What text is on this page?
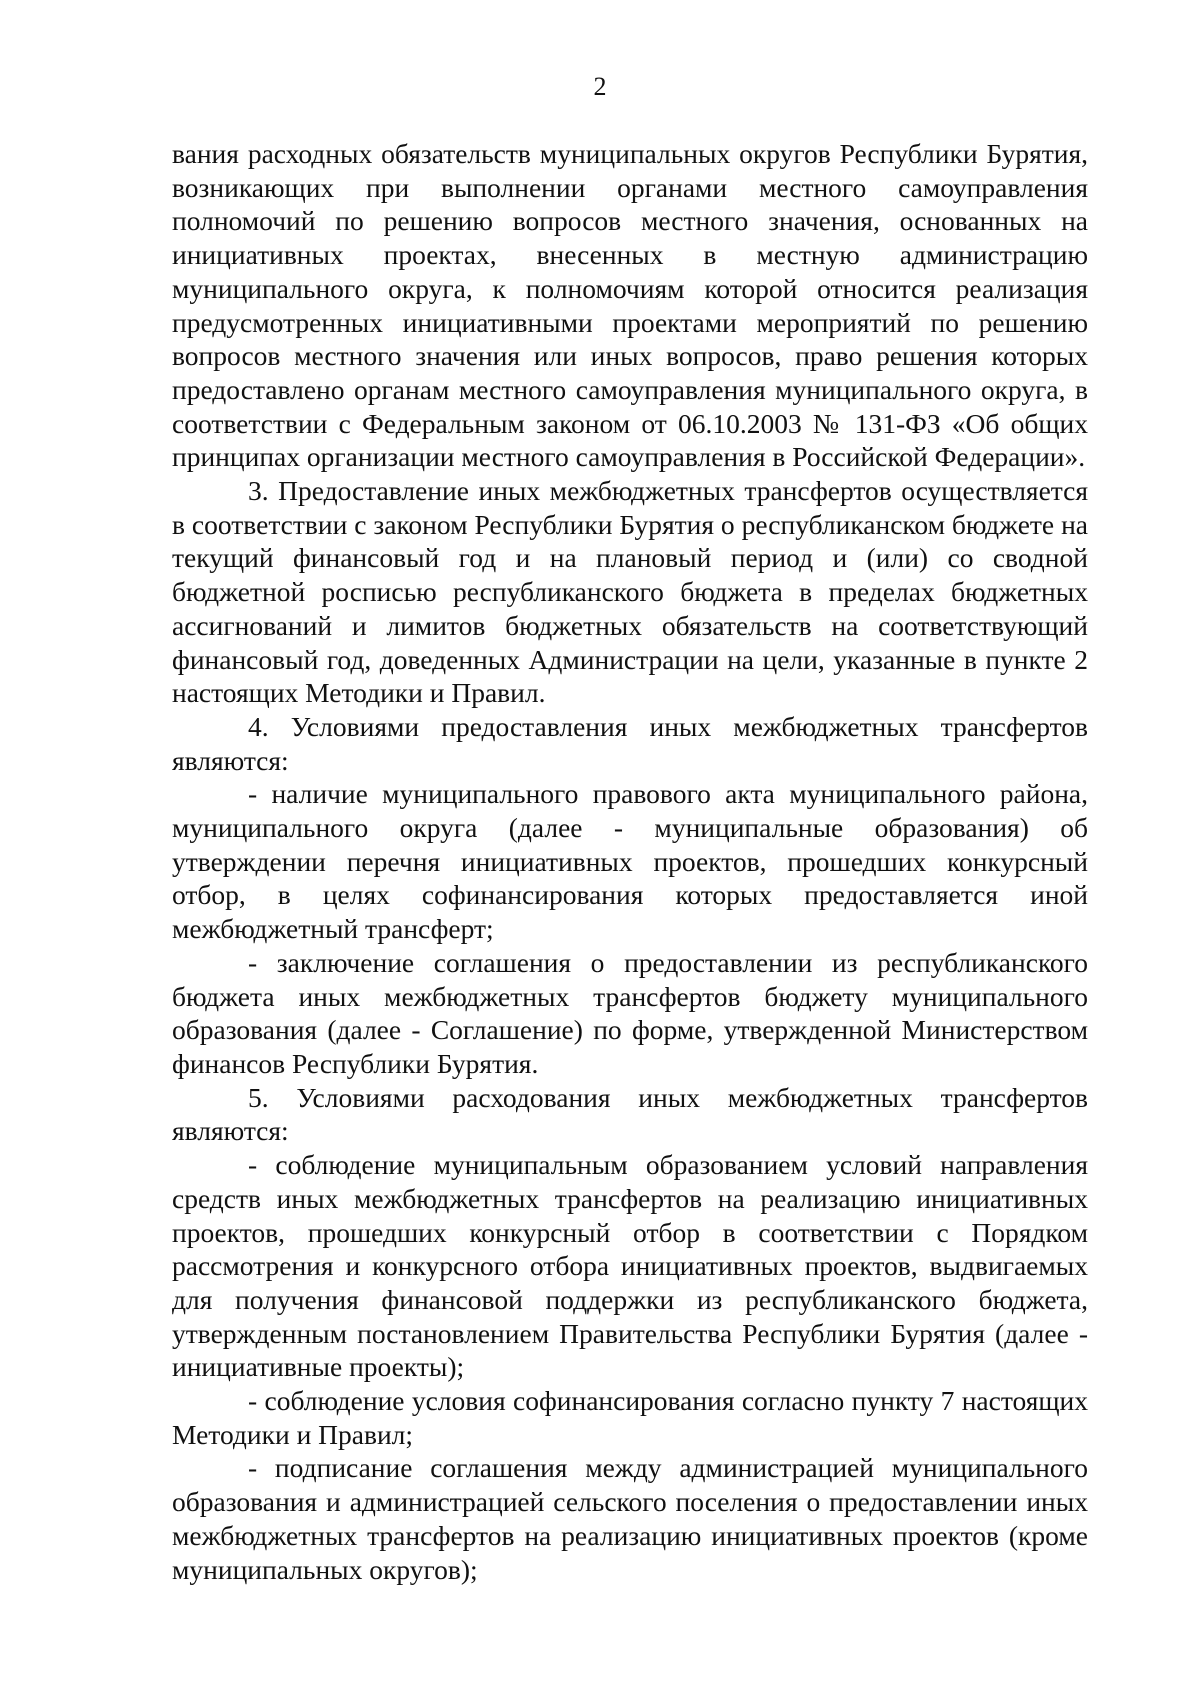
2

вания расходных обязательств муниципальных округов Республики Бурятия, возникающих при выполнении органами местного самоуправления полномочий по решению вопросов местного значения, основанных на инициативных проектах, внесенных в местную администрацию муниципального округа, к полномочиям которой относится реализация предусмотренных инициативными проектами мероприятий по решению вопросов местного значения или иных вопросов, право решения которых предоставлено органам местного самоуправления муниципального округа, в соответствии с Федеральным законом от 06.10.2003 № 131-ФЗ «Об общих принципах организации местного самоуправления в Российской Федерации».

3. Предоставление иных межбюджетных трансфертов осуществляется в соответствии с законом Республики Бурятия о республиканском бюджете на текущий финансовый год и на плановый период и (или) со сводной бюджетной росписью республиканского бюджета в пределах бюджетных ассигнований и лимитов бюджетных обязательств на соответствующий финансовый год, доведенных Администрации на цели, указанные в пункте 2 настоящих Методики и Правил.

4. Условиями предоставления иных межбюджетных трансфертов являются:

- наличие муниципального правового акта муниципального района, муниципального округа (далее - муниципальные образования) об утверждении перечня инициативных проектов, прошедших конкурсный отбор, в целях софинансирования которых предоставляется иной межбюджетный трансферт;

- заключение соглашения о предоставлении из республиканского бюджета иных межбюджетных трансфертов бюджету муниципального образования (далее - Соглашение) по форме, утвержденной Министерством финансов Республики Бурятия.

5. Условиями расходования иных межбюджетных трансфертов являются:

- соблюдение муниципальным образованием условий направления средств иных межбюджетных трансфертов на реализацию инициативных проектов, прошедших конкурсный отбор в соответствии с Порядком рассмотрения и конкурсного отбора инициативных проектов, выдвигаемых для получения финансовой поддержки из республиканского бюджета, утвержденным постановлением Правительства Республики Бурятия (далее - инициативные проекты);

- соблюдение условия софинансирования согласно пункту 7 настоящих Методики и Правил;

- подписание соглашения между администрацией муниципального образования и администрацией сельского поселения о предоставлении иных межбюджетных трансфертов на реализацию инициативных проектов (кроме муниципальных округов);
